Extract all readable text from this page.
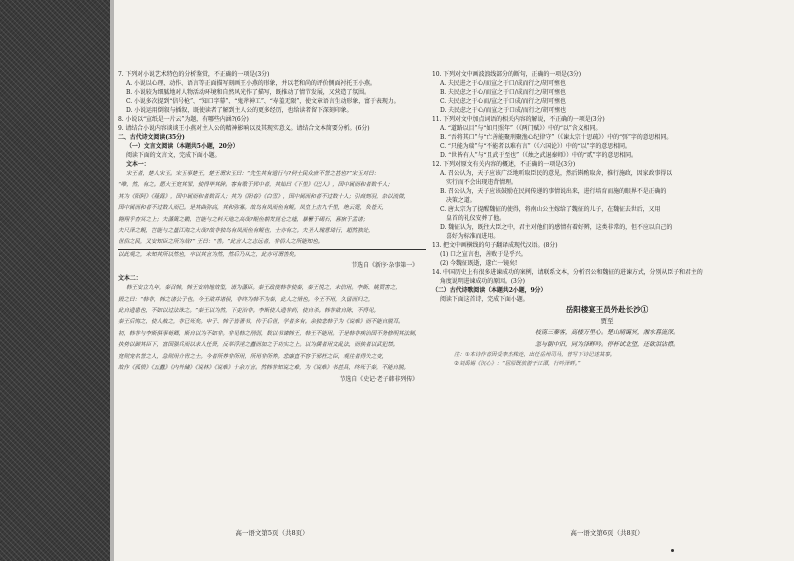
7. 下列对小说艺术特色的分析鉴赏，不正确的一项是(3分)
A. 小说以心理、动作、语言等正面描写刻画王小燕的形象，并以老和尚的评价侧面衬托王小燕。
B. 小说较为细腻地对人物活动环境和自然风光作了描写，既推动了情节发展，又营造了氛围。
C. 小说多次提到“信号枪”、“知口字幕”、“鬼斧神工”、“寿羞无限”，使文章语言生动形象，富于表现力。
D. 小说运用倒叙与插叙，既使读者了解到主人公的更多经历，也给读者留下深刻印象。
8. 小说以“宣纸是一片云”为题，有哪些内涵?(6分)
9. 请结合小说内容谈谈王小燕对主人公的精神影响以及其现实意义。请结合文本简要分析。(6分)
二、古代诗文阅读(35分)
（一）文言文阅读（本题共5小题，20分）
阅读下面的文言文，完成下面小题。
文本一：
宋王者，楚人宋玉。宋玉事楚王，楚王谓宋玉曰：“先生其有遗行与?何士民众庶不誉之甚也?”宋玉对曰：
“唯，然，有之。愿大王宽其罪，使得毕其辞。客有歌于郢中者，其始曰《下里》《巴人》，国中属而和者数千人；
其为《阳阿》《薤露》，国中属而和者数百人；其为《阳春》《白雪》，国中属而和者不过数十人；引商刻羽，杂以流徵，
国中属而和者不过数人而已。是其曲弥高，其和弥寡。故鸟有凤而鱼有鲲。凤皇上击九千里，绝云霓，负苍天，
翱翔乎杳冥之上；夫藩篱之鷃，岂能与之料天地之高哉?鲲鱼朝发昆仑之墟，暴鬐于碣石，暮宿于孟诸；
夫尺泽之鲵，岂能与之量江海之大哉?故非独鸟有凤而鱼有鲲也，士亦有之。夫圣人瑰意琦行，超然独处，
世俗之民，又安知臣之所为哉?” 王曰：“善。”此言人之志远者，非俗人之所能知也。
以此观之，未知其所以然也，卒以其言为然，然后乃从之，此亦可谓善矣。
节选自《新序·杂事第一》
文本二：
韩王安立九年，秦召韩，韩王安纳地效玺，请为藩臣。秦王政使韩非使秦，秦王悦之，未信用。李斯、姚贾害之，
毁之曰：“韩非，韩之诸公子也。今王欲并诸侯，非终为韩不为秦，此人之情也。今王不用，久留而归之，
此自遗患也，不如以过法诛之。”秦王以为然，下吏治非。李斯使人遗非药，使自杀。韩非欲自陈，不得见。
秦王后悔之，使人赦之，非已死矣。申子、韩子皆著书，传于后世，学者多有。余独悲韩子为《说难》而不能自脱耳。
初，韩非与李斯俱事荀卿，斯自以为不如非。非见韩之削弱，数以书谏韩王，韩王不能用。于是韩非疾治国不务修明其法制，
执势以御其臣下，富国强兵而以求人任贤，反举浮淫之蠹而加之于功实之上。以为儒者用文乱法，而侠者以武犯禁。
宽则宠名誉之人，急则用介胄之士。今者所养非所用，所用非所养。悲廉直不容于邪枉之臣，观往者得失之变，
故作《孤愤》《五蠹》《内外储》《说林》《说难》十余万言。然韩非知说之难，为《说难》书甚具，终死于秦，不能自脱。
节选自《史记·老子韩非列传》
高一语文第5页（共8页）
10. 下列对文中画波浪线部分的断句，正确的一项是(3分)
A. 夫民进之于心/而宣之于口/成而行之/胡可壅也
B. 夫民虑之于心/而宣之于口/成而行之/胡可壅也
C. 夫民虑之于心而/宣之于口成/而行之/胡可壅也
D. 夫民虑之于心/而宣之于口成/而行之/胡可壅也
11. 下列对文中加点词语的相关内容的解说，不正确的一项是(3分)
A. “道路以目”与“如月照年”（《两门赋》）中的“以”含义相同。
B. “吾将其口”与“亡善能聚刑聚渔心纪律守”（《谏太宗十思疏》）中的“弭”字的意思相同。
C. “只能为瑞”与“不能者以难有言”（《六国论》）中的“以”字的意思相同。
D. “世皆有人”与“且武于至也”（《烛之武退秦师》）中的“贰”字的意思相同。
12. 下列对原文有关内容的概述，不正确的一项是(3分)
A. 召公认为，天子应该广泛地听取臣民的意见，然后斟酌取舍，推行施政，因家政事得以
实行而不会出现违背情理。
B. 召公认为，天子应该鼓励在民间传递的事情说出来，进行培育而施的眼界不是正确的
决策之道。
C. 唐太宗为了提醒魏征的使得，将南山公主嫁给了魏征的儿子，在魏征去世后，又用
皇首的礼仪安葬了他。
D. 魏征认为，既往大臣之中，君主对他们的感情有着好辨，这类非常的，但不应以自己的
喜好为标准而进用。
13. 把文中画横线的句子翻译成现代汉语。(8分)
(1) 口之宣言也，善败于是乎兴。
(2) 今魏征既逝，遂亡一镜矣!
14. 中国历史上有很多进谏成功的案例，请联系文本，分析召公和魏征的进谏方式，分别从臣子和君主的
角度说明进谏成功的原因。(3分)
（二）古代诗歌阅读（本题共2小题，9分）
阅读下面这首诗，完成下面小题。
岳阳楼宴王员外赴长沙①
贾至
枝南三秦客，高楼万里心。楚山晴霭冥，湘水暮流深。
忽与朝中旧，同为泽畔吟。停杯试北望，还欲泪沾襟。
注：①本诗作者因受李杰株连，出任岳州司马，曾写下诗记述其事。
②刘禹锡《沉心》：“屈原既放游于江潭，行吟泽畔。”
高一语文第6页（共8页）
